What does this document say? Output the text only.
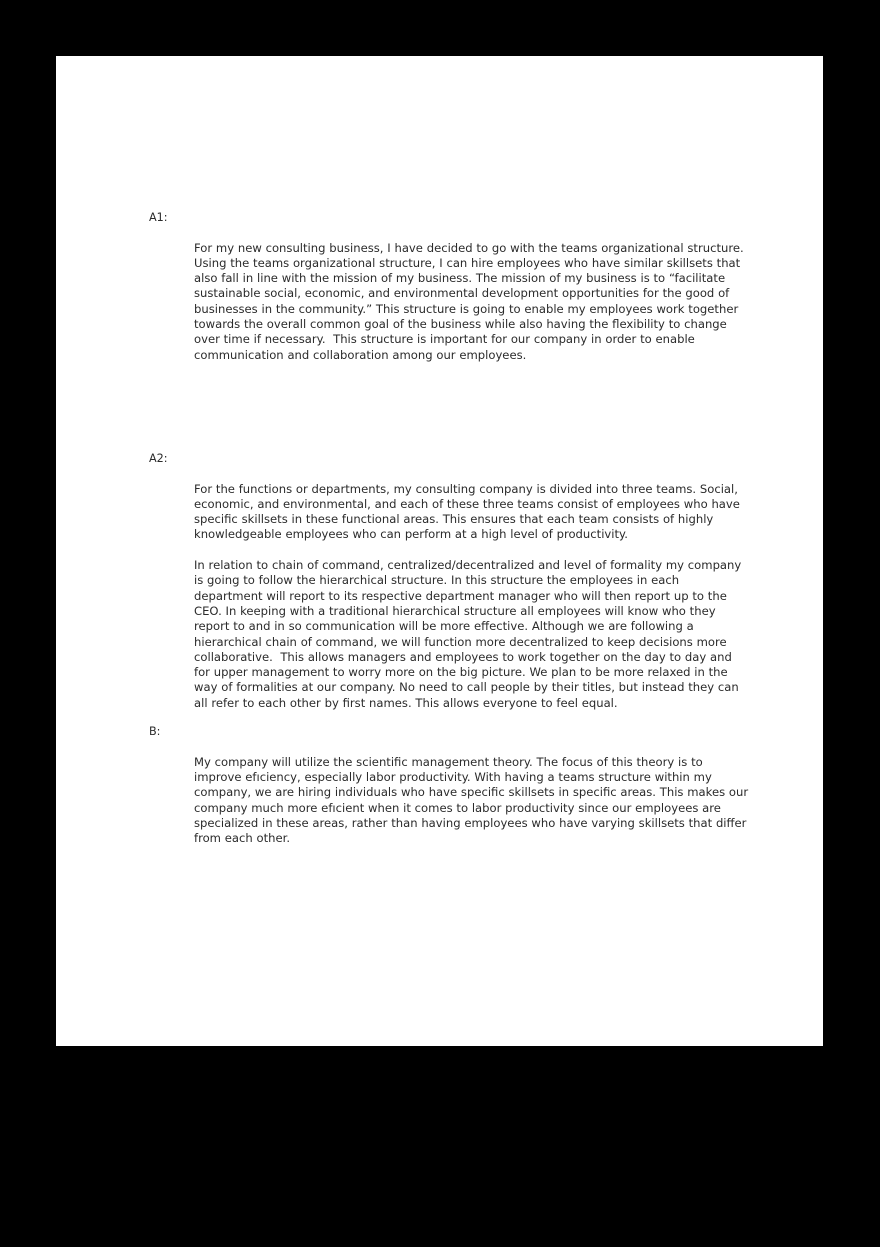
A1:

For my new consulting business, I have decided to go with the teams organizational structure. Using the teams organizational structure, I can hire employees who have similar skillsets that also fall in line with the mission of my business. The mission of my business is to “facilitate sustainable social, economic, and environmental development opportunities for the good of businesses in the community.” This structure is going to enable my employees work together towards the overall common goal of the business while also having the flexibility to change over time if necessary.  This structure is important for our company in order to enable communication and collaboration among our employees.

A2:

For the functions or departments, my consulting company is divided into three teams. Social, economic, and environmental, and each of these three teams consist of employees who have specific skillsets in these functional areas. This ensures that each team consists of highly knowledgeable employees who can perform at a high level of productivity.

In relation to chain of command, centralized/decentralized and level of formality my company is going to follow the hierarchical structure. In this structure the employees in each department will report to its respective department manager who will then report up to the CEO. In keeping with a traditional hierarchical structure all employees will know who they report to and in so communication will be more effective. Although we are following a hierarchical chain of command, we will function more decentralized to keep decisions more collaborative.  This allows managers and employees to work together on the day to day and for upper management to worry more on the big picture. We plan to be more relaxed in the way of formalities at our company. No need to call people by their titles, but instead they can all refer to each other by first names. This allows everyone to feel equal.

B:

My company will utilize the scientific management theory. The focus of this theory is to improve efıciency, especially labor productivity. With having a teams structure within my company, we are hiring individuals who have specific skillsets in specific areas. This makes our company much more efıcient when it comes to labor productivity since our employees are specialized in these areas, rather than having employees who have varying skillsets that differ from each other.
